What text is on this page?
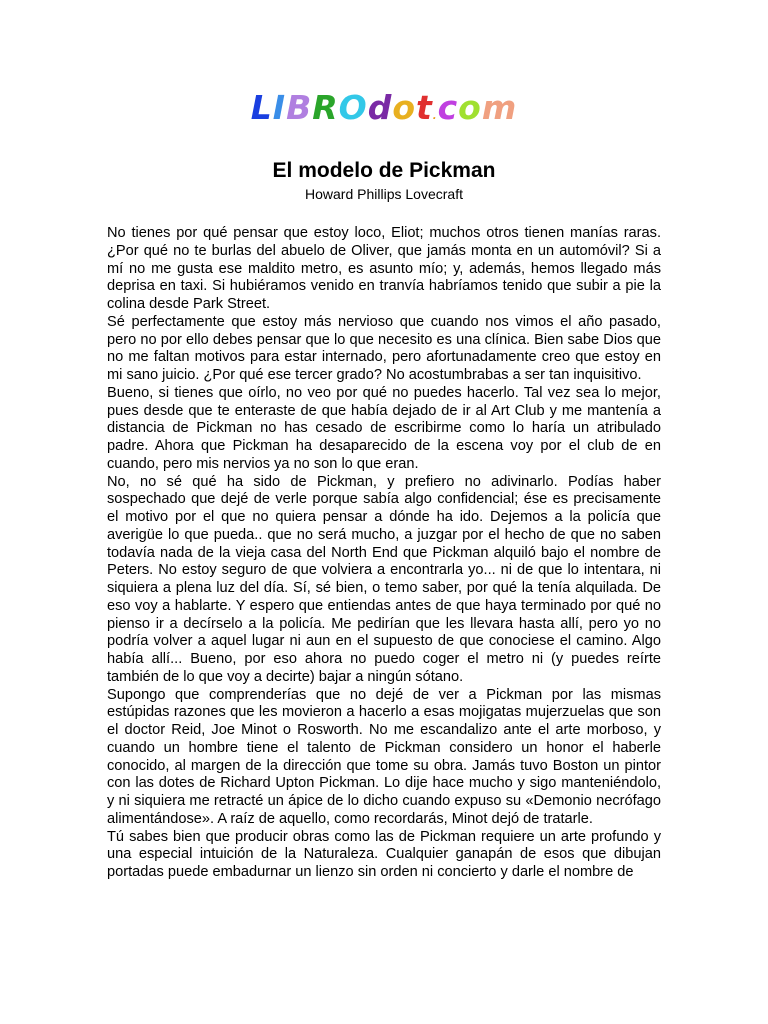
LIBROdot.com
El modelo de Pickman
Howard Phillips Lovecraft

No tienes por qué pensar que estoy loco, Eliot; muchos otros tienen manías raras. ¿Por qué no te burlas del abuelo de Oliver, que jamás monta en un automóvil? Si a mí no me gusta ese maldito metro, es asunto mío; y, además, hemos llegado más deprisa en taxi. Si hubiéramos venido en tranvía habríamos tenido que subir a pie la colina desde Park Street.

Sé perfectamente que estoy más nervioso que cuando nos vimos el año pasado, pero no por ello debes pensar que lo que necesito es una clínica. Bien sabe Dios que no me faltan motivos para estar internado, pero afortunadamente creo que estoy en mi sano juicio. ¿Por qué ese tercer grado? No acostumbrabas a ser tan inquisitivo.

Bueno, si tienes que oírlo, no veo por qué no puedes hacerlo. Tal vez sea lo mejor, pues desde que te enteraste de que había dejado de ir al Art Club y me mantenía a distancia de Pickman no has cesado de escribirme como lo haría un atribulado padre. Ahora que Pickman ha desaparecido de la escena voy por el club de en cuando, pero mis nervios ya no son lo que eran.

No, no sé qué ha sido de Pickman, y prefiero no adivinarlo. Podías haber sospechado que dejé de verle porque sabía algo confidencial; ése es precisamente el motivo por el que no quiera pensar a dónde ha ido. Dejemos a la policía que averigüe lo que pueda.. que no será mucho, a juzgar por el hecho de que no saben todavía nada de la vieja casa del North End que Pickman alquiló bajo el nombre de Peters. No estoy seguro de que volviera a encontrarla yo... ni de que lo intentara, ni siquiera a plena luz del día. Sí, sé bien, o temo saber, por qué la tenía alquilada. De eso voy a hablarte. Y espero que entiendas antes de que haya terminado por qué no pienso ir a decírselo a la policía. Me pedirían que les llevara hasta allí, pero yo no podría volver a aquel lugar ni aun en el supuesto de que conociese el camino. Algo había allí... Bueno, por eso ahora no puedo coger el metro ni (y puedes reírte también de lo que voy a decirte) bajar a ningún sótano.

Supongo que comprenderías que no dejé de ver a Pickman por las mismas estúpidas razones que les movieron a hacerlo a esas mojigatas mujerzuelas que son el doctor Reid, Joe Minot o Rosworth. No me escandalizo ante el arte morboso, y cuando un hombre tiene el talento de Pickman considero un honor el haberle conocido, al margen de la dirección que tome su obra. Jamás tuvo Boston un pintor con las dotes de Richard Upton Pickman. Lo dije hace mucho y sigo manteniéndolo, y ni siquiera me retracté un ápice de lo dicho cuando expuso su «Demonio necrófago alimentándose». A raíz de aquello, como recordarás, Minot dejó de tratarle.

Tú sabes bien que producir obras como las de Pickman requiere un arte profundo y una especial intuición de la Naturaleza. Cualquier ganapán de esos que dibujan portadas puede embadurnar un lienzo sin orden ni concierto y darle el nombre de
